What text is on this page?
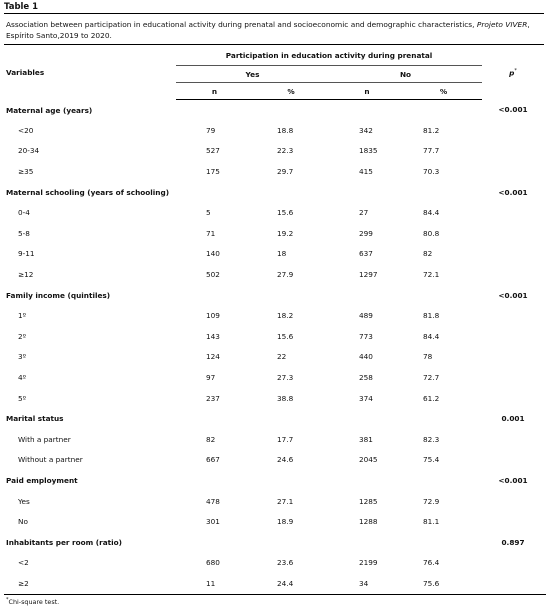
Table 1
Association between participation in educational activity during prenatal and socioeconomic and demographic characteristics, Projeto VIVER, Espírito Santo,2019 to 2020.
Variables	Participation in education activity during prenatal				p*
	Yes		No		
	n	%	n	%	
Maternal age (years)					<0.001
<20	79	18.8	342	81.2	
20-34	527	22.3	1835	77.7	
≥35	175	29.7	415	70.3	
Maternal schooling (years of schooling)					<0.001
0-4	5	15.6	27	84.4	
5-8	71	19.2	299	80.8	
9-11	140	18	637	82	
≥12	502	27.9	1297	72.1	
Family income (quintiles)					<0.001
1º	109	18.2	489	81.8	
2º	143	15.6	773	84.4	
3º	124	22	440	78	
4º	97	27.3	258	72.7	
5º	237	38.8	374	61.2	
Marital status					0.001
With a partner	82	17.7	381	82.3	
Without a partner	667	24.6	2045	75.4	
Paid employment					<0.001
Yes	478	27.1	1285	72.9	
No	301	18.9	1288	81.1	
Inhabitants per room (ratio)					0.897
<2	680	23.6	2199	76.4	
≥2	11	24.4	34	75.6	
*Chi-square test.
